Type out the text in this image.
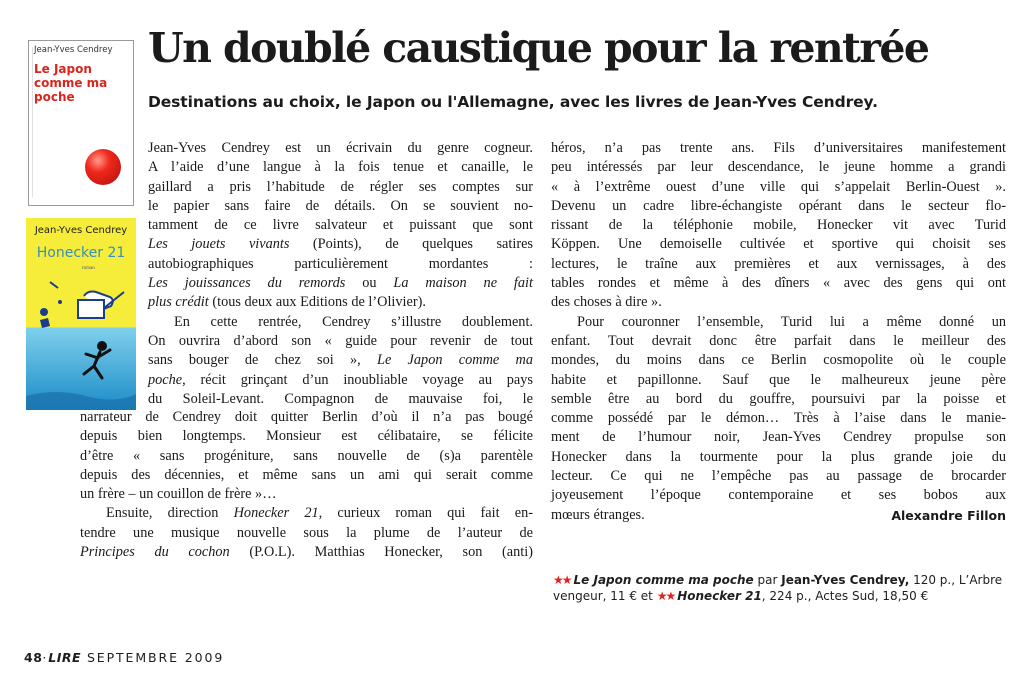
Un doublé caustique pour la rentrée
Destinations au choix, le Japon ou l'Allemagne, avec les livres de Jean-Yves Cendrey.
Jean-Yves Cendrey
Le Japon comme ma poche
Jean-Yves Cendrey
Honecker 21
roman
Jean-Yves Cendrey est un écrivain du genre cogneur.
A l’aide d’une langue à la fois tenue et canaille, le
gaillard a pris l’habitude de régler ses comptes sur
le papier sans faire de détails. On se souvient no-
tamment de ce livre salvateur et puissant que sont
Les jouets vivants (Points), de quelques satires
autobiographiques particulièrement mordantes :
Les jouissances du remords ou La maison ne fait
plus crédit (tous deux aux Editions de l’Olivier).
En cette rentrée, Cendrey s’illustre doublement.
On ouvrira d’abord son « guide pour revenir de tout
sans bouger de chez soi », Le Japon comme ma
poche, récit grinçant d’un inoubliable voyage au pays
du Soleil-Levant. Compagnon de mauvaise foi, le
narrateur de Cendrey doit quitter Berlin d’où il n’a pas bougé
depuis bien longtemps. Monsieur est célibataire, se félicite
d’être « sans progéniture, sans nouvelle de (s)a parentèle
depuis des décennies, et même sans un ami qui serait comme
un frère – un couillon de frère »…
Ensuite, direction Honecker 21, curieux roman qui fait en-
tendre une musique nouvelle sous la plume de l’auteur de
Principes du cochon (P.O.L). Matthias Honecker, son (anti)
héros, n’a pas trente ans. Fils d’universitaires manifestement
peu intéressés par leur descendance, le jeune homme a grandi
« à l’extrême ouest d’une ville qui s’appelait Berlin-Ouest ».
Devenu un cadre libre-échangiste opérant dans le secteur flo-
rissant de la téléphonie mobile, Honecker vit avec Turid
Köppen. Une demoiselle cultivée et sportive qui choisit ses
lectures, le traîne aux premières et aux vernissages, à des
tables rondes et même à des dîners « avec des gens qui ont
des choses à dire ».
Pour couronner l’ensemble, Turid lui a même donné un
enfant. Tout devrait donc être parfait dans le meilleur des
mondes, du moins dans ce Berlin cosmopolite où le couple
habite et papillonne. Sauf que le malheureux jeune père
semble être au bord du gouffre, poursuivi par la poisse et
comme possédé par le démon… Très à l’aise dans le manie-
ment de l’humour noir, Jean-Yves Cendrey propulse son
Honecker dans la tourmente pour la plus grande joie du
lecteur. Ce qui ne l’empêche pas au passage de brocarder
joyeusement l’époque contemporaine et ses bobos aux
mœurs étranges.	Alexandre Fillon
★★ Le Japon comme ma poche par Jean-Yves Cendrey, 120 p., L’Arbre vengeur, 11 € et ★★ Honecker 21, 224 p., Actes Sud, 18,50 €
48·LIRE SEPTEMBRE 2009
